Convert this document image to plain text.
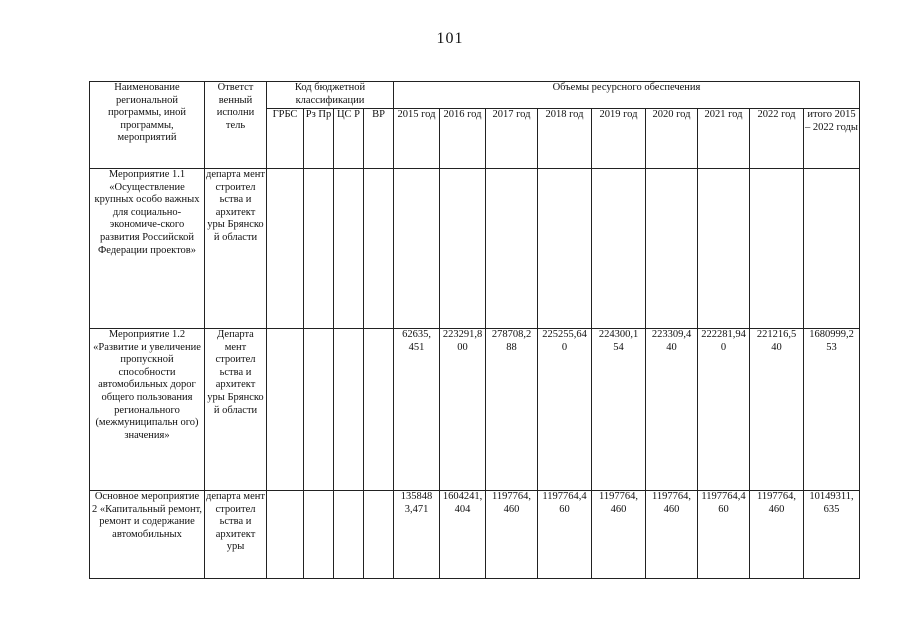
101
Наименование региональной программы, иной программы, мероприятий	Ответст венный исполни тель	Код бюджетной классификации				Объемы ресурсного обеспечения								
		ГРБС	Рз Пр	ЦС Р	ВР	2015 год	2016 год	2017 год	2018 год	2019 год	2020 год	2021 год	2022 год	итого 2015 – 2022 годы
Мероприятие 1.1 «Осуществление крупных особо важных для социально-экономиче-ского развития Российской Федерации проектов»	департа мент строител ьства и архитект уры Брянско й области													
Мероприятие 1.2 «Развитие и увеличение пропускной способности автомобильных дорог общего пользования регионального (межмуниципальн ого) значения»	Департа мент строител ьства и архитект уры Брянско й области					62635, 451	223291,8 00	278708,2 88	225255,64 0	224300,1 54	223309,4 40	222281,94 0	221216,5 40	1680999,2 53
Основное мероприятие 2 «Капитальный ремонт, ремонт и содержание автомобильных	департа мент строител ьства и архитект уры					135848 3,471	1604241, 404	1197764, 460	1197764,4 60	1197764, 460	1197764, 460	1197764,4 60	1197764, 460	10149311, 635
